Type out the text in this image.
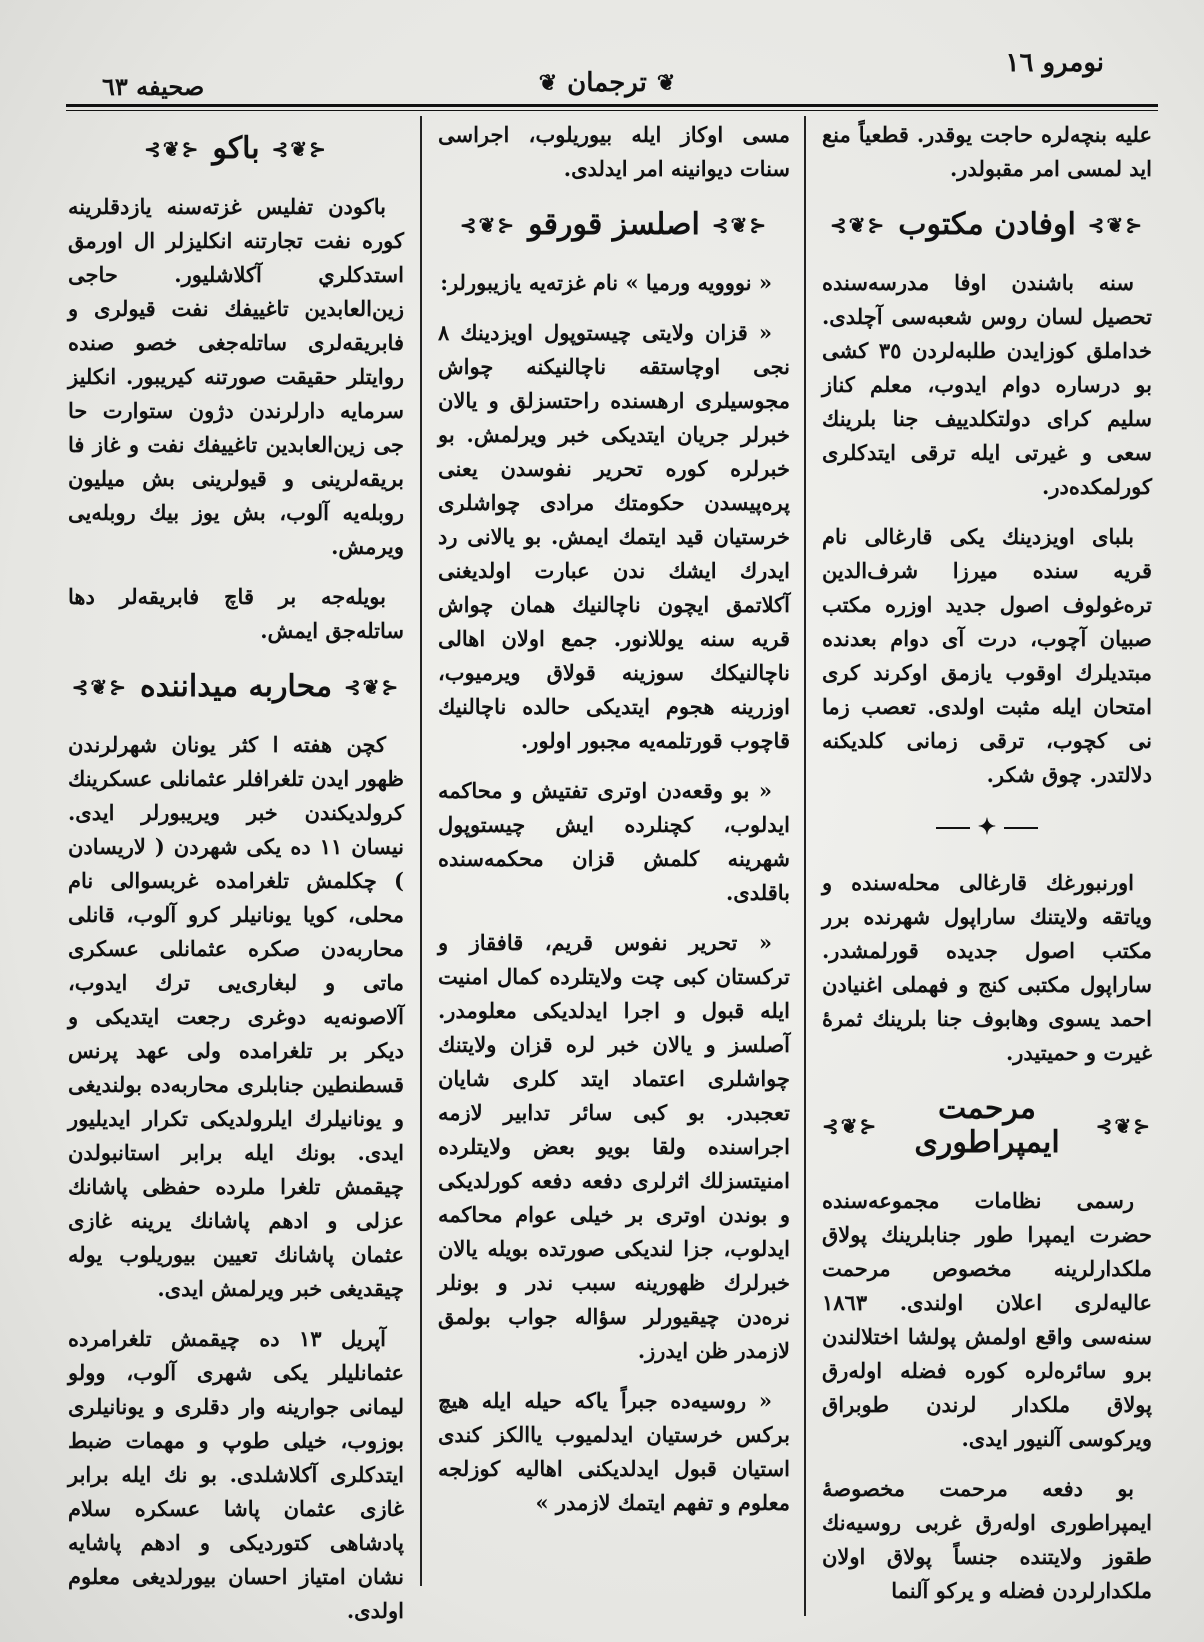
صحیفه ٦٣	❦ ترجمان ❦
نومرو ١٦

عليه بنچه‌لره حاجت يوقدر. قطعياً منع ايد لمسی امر مقبولدر.

⊰❦⊱
اوفادن مكتوب
⊰❦⊱

سنه باشندن اوفا مدرسه‌سنده تحصيل لسان روس شعبه‌سی آچلدی. خداملق كوزايدن طلبه‌لردن ٣٥ كشی بو درساره دوام ايدوب، معلم كناز سليم كرای دولتكلدييف جنا بلرينك سعی و غيرتی ايله ترقی ايتدكلری كورلمكده‌در.

بلباى اويزدينك يكی قارغالی نام قريه سنده ميرزا شرف‌الدين تره‌غولوف اصول جديد اوزره مكتب صبيان آچوب، درت آی دوام بعدنده مبتديلرك اوقوب يازمق اوكرند كری امتحان ايله مثبت اولدی. تعصب زما نی كچوب، ترقی زمانی كلديكنه دلالتدر. چوق شكر.

✦

اورنبورغك قارغالی محله‌سنده و وياتقه ولايتنك ساراپول شهرنده برر مكتب اصول جديده قورلمشدر. ساراپول مكتبی كنج و فهملی اغنيادن احمد يسوی وهابوف جنا بلرينك ثمرهٔ غيرت و حميتيدر.

⊰❦⊱
مرحمت ايمپراطوری
⊰❦⊱

رسمی نظامات مجموعه‌سنده حضرت ايمپرا طور جنابلرينك پولاق ملكدارلرينه مخصوص مرحمت عاليه‌لری اعلان اولندی. ١٨٦٣ سنه‌سی واقع اولمش پولشا اختلالندن برو سائره‌لره كوره فضله اوله‌رق پولاق ملكدار لرندن طوبراق ويركوسی آلنيور ايدی.

بو دفعه مرحمت مخصوصهٔ ايمپراطوری اوله‌رق غربی روسيه‌نك طقوز ولايتنده جنساً پولاق اولان ملكدارلردن فضله و يركو آلنما

مسی اوكاز ايله بيوريلوب، اجراسی سنات ديوانينه امر ايدلدی.

⊰❦⊱
اصلسز قورقو
⊰❦⊱

« نووويه ورميا » نام غزته‌يه يازيبورلر:

« قزان ولايتی چيستوپول اويزدينك ٨ نجی اوچاستقه ناچالنيكنه چواش مجوسيلری ارهسنده راحتسزلق و يالان خبرلر جريان ايتديكی خبر ويرلمش. بو خبرلره كوره تحرير نفوسدن يعنی پره‌پيسدن حكومتك مرادی چواشلری خرستيان قيد ايتمك ايمش. بو يالانی رد ايدرك ايشك ندن عبارت اولديغنی آكلاتمق ايچون ناچالنيك همان چواش قريه سنه يوللانور. جمع اولان اهالی ناچالنيكك سوزينه قولاق ويرميوب، اوزرينه هجوم ايتديكی حالده ناچالنيك قاچوب قورتلمه‌يه مجبور اولور.

« بو وقعه‌دن اوتری تفتيش و محاكمه ايدلوب، كچنلرده ايش چيستوپول شهرينه كلمش قزان محكمه‌سنده باقلدی.

« تحرير نفوس قريم، قافقاز و تركستان كبی چت ولايتلرده كمال امنيت ايله قبول و اجرا ايدلديكی معلومدر. آصلسز و يالان خبر لره قزان ولايتنك چواشلری اعتماد ايتد كلری شايان تعجبدر. بو كبی سائر تدابير لازمه اجراسنده ولقا بويو بعض ولايتلرده امنيتسزلك اثرلری دفعه دفعه كورلديكی و بوندن اوتری بر خيلی عوام محاكمه ايدلوب، جزا لنديكی صورتده بويله يالان خبرلرك ظهورينه سبب ندر و بونلر نره‌دن چيقيورلر سؤاله جواب بولمق لازمدر ظن ايدرز.

« روسيه‌ده جبراً ياكه حيله ايله هيچ بركس خرستيان ايدلميوب ياالكز كندی استيان قبول ايدلديكنی اهاليه كوزلجه معلوم و تفهم ايتمك لازمدر »

⊰❦⊱
باكو
⊰❦⊱

باكودن تفليس غزته‌سنه يازدقلرينه كوره نفت تجارتنه انكليزلر ال اورمق استدكلري آكلاشليور. حاجی زين‌العابدين تاغييفك نفت قيولری و فابريقه‌لری ساتله‌جغی خصو صنده روايتلر حقيقت صورتنه كيريبور. انكليز سرمايه دارلرندن دژون ستوارت حا جی زين‌العابدين تاغييفك نفت و غاز فا بريقه‌لرينی و قيولرينی بش ميليون روبله‌يه آلوب، بش يوز بيك روبله‌يی ويرمش.

بويله‌جه بر قاچ فابريقه‌لر دها ساتله‌جق ايمش.

⊰❦⊱
محاربه ميداننده
⊰❦⊱

كچن هفته ا كثر يونان شهرلرندن ظهور ايدن تلغرافلر عثمانلی عسكرينك كرولديكندن خبر ويريبورلر ايدی. نيسان ١١ ده يكی شهردن ( لاريسادن ) چكلمش تلغرامده غربسوالی نام محلی، كويا يونانيلر كرو آلوب، قانلی محاربه‌دن صكره عثمانلی عسكری ماتی و لبغاری‌يی ترك ايدوب، آلاصونه‌يه دوغری رجعت ايتديكی و ديكر بر تلغرامده ولی عهد پرنس قسطنطين جنابلری محاربه‌ده بولنديغی و يونانيلرك ايلرولديكی تكرار ايديليور ايدی. بونك ايله برابر استانبولدن چيقمش تلغرا ملرده حفظی پاشانك عزلی و ادهم پاشانك يرينه غازی عثمان پاشانك تعيين بيوريلوب يوله چيقديغی خبر ويرلمش ايدی.

آپريل ١٣ ده چيقمش تلغرامرده عثمانليلر يكی شهری آلوب، وولو ليمانی جوارينه وار دقلری و يونانيلری بوزوب، خيلی طوپ و مهمات ضبط ايتدكلری آكلاشلدی. بو نك ايله برابر غازی عثمان پاشا عسكره سلام پادشاهی كتورديكی و ادهم پاشايه نشان امتياز احسان بيورلديغی معلوم اولدی.
